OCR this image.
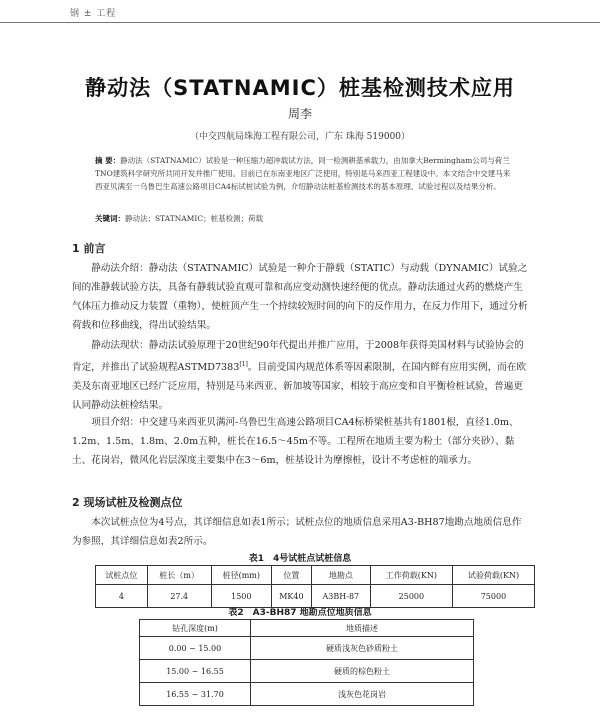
钢 ± 工程
静动法（STATNAMIC）桩基检测技术应用
周李
（中交四航局珠海工程有限公司，广东 珠海 519000）
摘 要：静动法（STATNAMIC）试验是一种压缩力超冲载试方法，同一检测耕基承载力，由加拿大Bermingham公司与荷兰TNO建筑科学研究所共同开发并推广使用。目前已在东南亚地区广泛使用，特别是马来西亚工程建设中。本文结合中交建马来西亚贝满至一乌鲁巴生高速公路项目CA4标试桩试验为例，介绍静动法桩基检测技术的基本原理、试验过程以及结果分析。
关键词：静动法；STATNAMIC；桩基检测；荷载
1 前言
静动法介绍：静动法（STATNAMIC）试验是一种介于静载（STATIC）与动载（DYNAMIC）试验之间的准静载试验方法，具备有静载试验直观可靠和高应变动测快速经便的优点。静动法通过火药的燃烧产生气体压力推动反力装置（重物），使桩顶产生一个持续较短时间的向下的反作用力，在反力作用下，通过分析荷载和位移曲线，得出试验结果。
静动法现状：静动法试验原理于20世纪90年代提出并推广应用，于2008年获得美国材料与试验协会的肯定，并推出了试验规程ASTMD7383[1]。目前受国内规范体系等因素限制，在国内鲜有应用实例，而在欧美及东南亚地区已经广泛应用，特别是马来西亚、新加坡等国家，相较于高应变和自平衡检桩试验，普遍更认同静动法桩检结果。
项目介绍：中交建马来西亚贝满河-乌鲁巴生高速公路项目CA4标桥梁桩基共有1801根，直径1.0m、1.2m、1.5m、1.8m、2.0m五种，桩长在16.5～45m不等。工程所在地质主要为粉土（部分夹砂）、黏土、花岗岩，微风化岩层深度主要集中在3～6m，桩基设计为摩擦桩，设计不考虑桩的端承力。
2 现场试桩及检测点位
本次试桩点位为4号点，其详细信息如表1所示；试桩点位的地质信息采用A3-BH87地勘点地质信息作为参照，其详细信息如表2所示。
表1　4号试桩点试桩信息
试桩点位	桩长（m）	桩径(mm)	位置	地勘点	工作荷载(KN)	试验荷载(KN)
4	27.4	1500	MK40	A3BH-87	25000	75000
表2　A3-BH87 地勘点位地质信息
钻孔深度(m)	地质描述
0.00 ~ 15.00	硬质浅灰色砂质粉土
15.00 ~ 16.55	硬质的棕色粉土
16.55 ~ 31.70	浅灰色花岗岩
